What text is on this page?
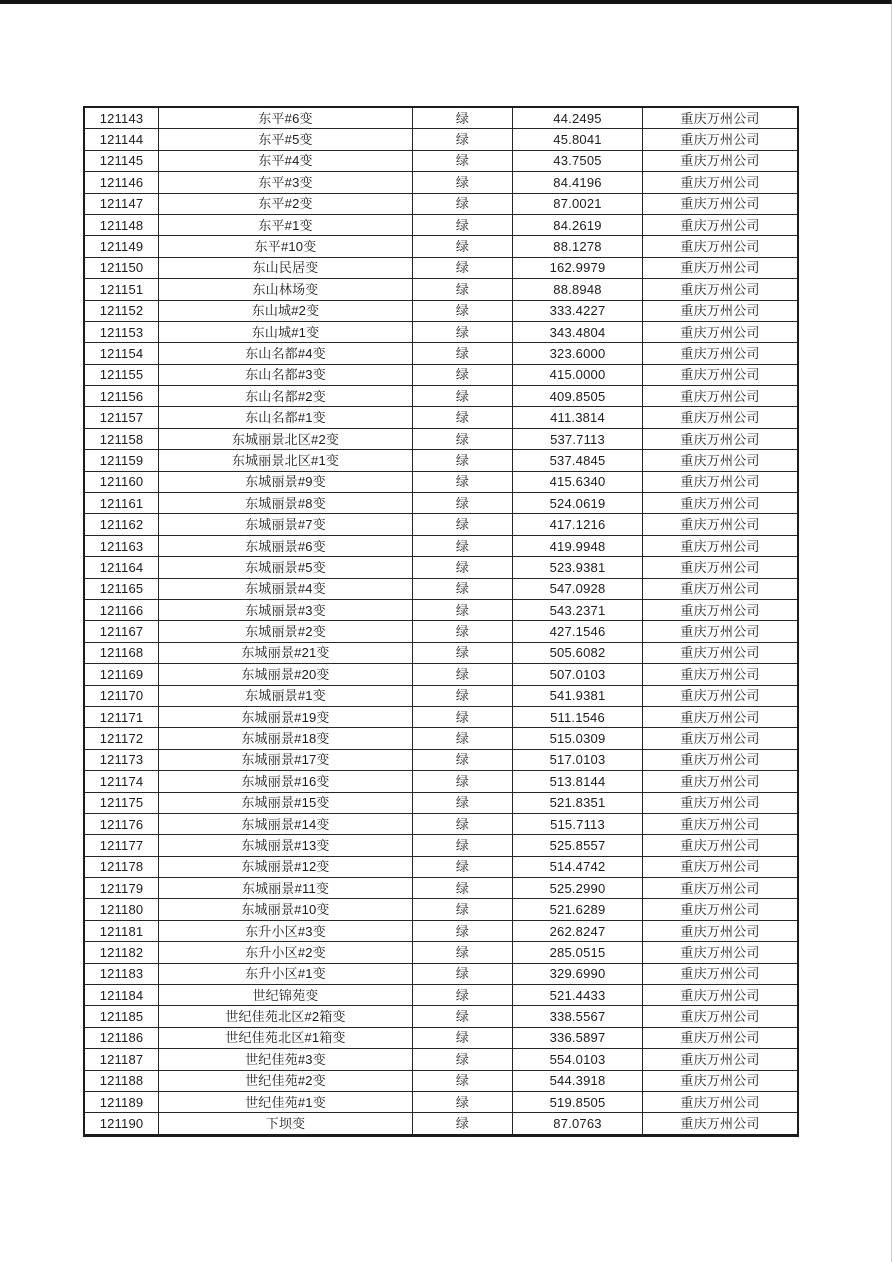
121143	东平#6变	绿	44.2495	重庆万州公司
121144	东平#5变	绿	45.8041	重庆万州公司
121145	东平#4变	绿	43.7505	重庆万州公司
121146	东平#3变	绿	84.4196	重庆万州公司
121147	东平#2变	绿	87.0021	重庆万州公司
121148	东平#1变	绿	84.2619	重庆万州公司
121149	东平#10变	绿	88.1278	重庆万州公司
121150	东山民居变	绿	162.9979	重庆万州公司
121151	东山林场变	绿	88.8948	重庆万州公司
121152	东山城#2变	绿	333.4227	重庆万州公司
121153	东山城#1变	绿	343.4804	重庆万州公司
121154	东山名都#4变	绿	323.6000	重庆万州公司
121155	东山名都#3变	绿	415.0000	重庆万州公司
121156	东山名都#2变	绿	409.8505	重庆万州公司
121157	东山名都#1变	绿	411.3814	重庆万州公司
121158	东城丽景北区#2变	绿	537.7113	重庆万州公司
121159	东城丽景北区#1变	绿	537.4845	重庆万州公司
121160	东城丽景#9变	绿	415.6340	重庆万州公司
121161	东城丽景#8变	绿	524.0619	重庆万州公司
121162	东城丽景#7变	绿	417.1216	重庆万州公司
121163	东城丽景#6变	绿	419.9948	重庆万州公司
121164	东城丽景#5变	绿	523.9381	重庆万州公司
121165	东城丽景#4变	绿	547.0928	重庆万州公司
121166	东城丽景#3变	绿	543.2371	重庆万州公司
121167	东城丽景#2变	绿	427.1546	重庆万州公司
121168	东城丽景#21变	绿	505.6082	重庆万州公司
121169	东城丽景#20变	绿	507.0103	重庆万州公司
121170	东城丽景#1变	绿	541.9381	重庆万州公司
121171	东城丽景#19变	绿	511.1546	重庆万州公司
121172	东城丽景#18变	绿	515.0309	重庆万州公司
121173	东城丽景#17变	绿	517.0103	重庆万州公司
121174	东城丽景#16变	绿	513.8144	重庆万州公司
121175	东城丽景#15变	绿	521.8351	重庆万州公司
121176	东城丽景#14变	绿	515.7113	重庆万州公司
121177	东城丽景#13变	绿	525.8557	重庆万州公司
121178	东城丽景#12变	绿	514.4742	重庆万州公司
121179	东城丽景#11变	绿	525.2990	重庆万州公司
121180	东城丽景#10变	绿	521.6289	重庆万州公司
121181	东升小区#3变	绿	262.8247	重庆万州公司
121182	东升小区#2变	绿	285.0515	重庆万州公司
121183	东升小区#1变	绿	329.6990	重庆万州公司
121184	世纪锦苑变	绿	521.4433	重庆万州公司
121185	世纪佳苑北区#2箱变	绿	338.5567	重庆万州公司
121186	世纪佳苑北区#1箱变	绿	336.5897	重庆万州公司
121187	世纪佳苑#3变	绿	554.0103	重庆万州公司
121188	世纪佳苑#2变	绿	544.3918	重庆万州公司
121189	世纪佳苑#1变	绿	519.8505	重庆万州公司
121190	下坝变	绿	87.0763	重庆万州公司
